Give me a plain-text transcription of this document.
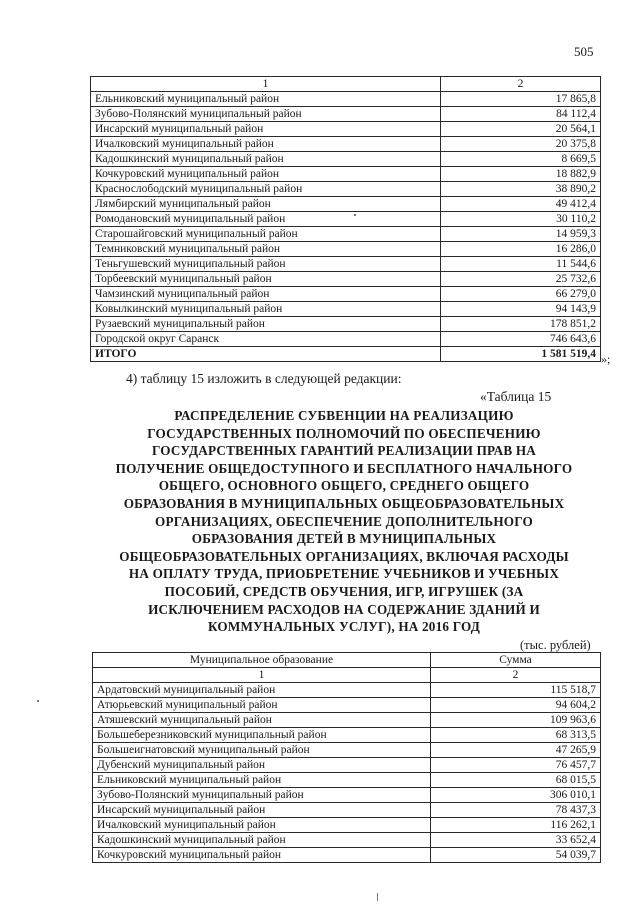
505
1	2
Ельниковский муниципальный район	17 865,8
Зубово-Полянский муниципальный район	84 112,4
Инсарский муниципальный район	20 564,1
Ичалковский муниципальный район	20 375,8
Кадошкинский муниципальный район	8 669,5
Кочкуровский муниципальный район	18 882,9
Краснослободский муниципальный район	38 890,2
Лямбирский муниципальный район	49 412,4
Ромодановский муниципальный район	30 110,2
Старошайговский муниципальный район	14 959,3
Темниковский муниципальный район	16 286,0
Теньгушевский муниципальный район	11 544,6
Торбеевский муниципальный район	25 732,6
Чамзинский муниципальный район	66 279,0
Ковылкинский муниципальный район	94 143,9
Рузаевский муниципальный район	178 851,2
Городской округ Саранск	746 643,6
ИТОГО	1 581 519,4 »;
4) таблицу 15 изложить в следующей редакции:
«Таблица 15
РАСПРЕДЕЛЕНИЕ СУБВЕНЦИИ НА РЕАЛИЗАЦИЮ
ГОСУДАРСТВЕННЫХ ПОЛНОМОЧИЙ ПО ОБЕСПЕЧЕНИЮ
ГОСУДАРСТВЕННЫХ ГАРАНТИЙ РЕАЛИЗАЦИИ ПРАВ НА
ПОЛУЧЕНИЕ ОБЩЕДОСТУПНОГО И БЕСПЛАТНОГО НАЧАЛЬНОГО
ОБЩЕГО, ОСНОВНОГО ОБЩЕГО, СРЕДНЕГО ОБЩЕГО
ОБРАЗОВАНИЯ В МУНИЦИПАЛЬНЫХ ОБЩЕОБРАЗОВАТЕЛЬНЫХ
ОРГАНИЗАЦИЯХ, ОБЕСПЕЧЕНИЕ ДОПОЛНИТЕЛЬНОГО
ОБРАЗОВАНИЯ ДЕТЕЙ В МУНИЦИПАЛЬНЫХ
ОБЩЕОБРАЗОВАТЕЛЬНЫХ ОРГАНИЗАЦИЯХ, ВКЛЮЧАЯ РАСХОДЫ
НА ОПЛАТУ ТРУДА, ПРИОБРЕТЕНИЕ УЧЕБНИКОВ И УЧЕБНЫХ
ПОСОБИЙ, СРЕДСТВ ОБУЧЕНИЯ, ИГР, ИГРУШЕК (ЗА
ИСКЛЮЧЕНИЕМ РАСХОДОВ НА СОДЕРЖАНИЕ ЗДАНИЙ И
КОММУНАЛЬНЫХ УСЛУГ), НА 2016 ГОД
(тыс. рублей)
Муниципальное образование	Сумма
1	2
Ардатовский муниципальный район	115 518,7
Атюрьевский муниципальный район	94 604,2
Атяшевский муниципальный район	109 963,6
Большеберезниковский муниципальный район	68 313,5
Большеигнатовский муниципальный район	47 265,9
Дубенский муниципальный район	76 457,7
Ельниковский муниципальный район	68 015,5
Зубово-Полянский муниципальный район	306 010,1
Инсарский муниципальный район	78 437,3
Ичалковский муниципальный район	116 262,1
Кадошкинский муниципальный район	33 652,4
Кочкуровский муниципальный район	54 039,7
